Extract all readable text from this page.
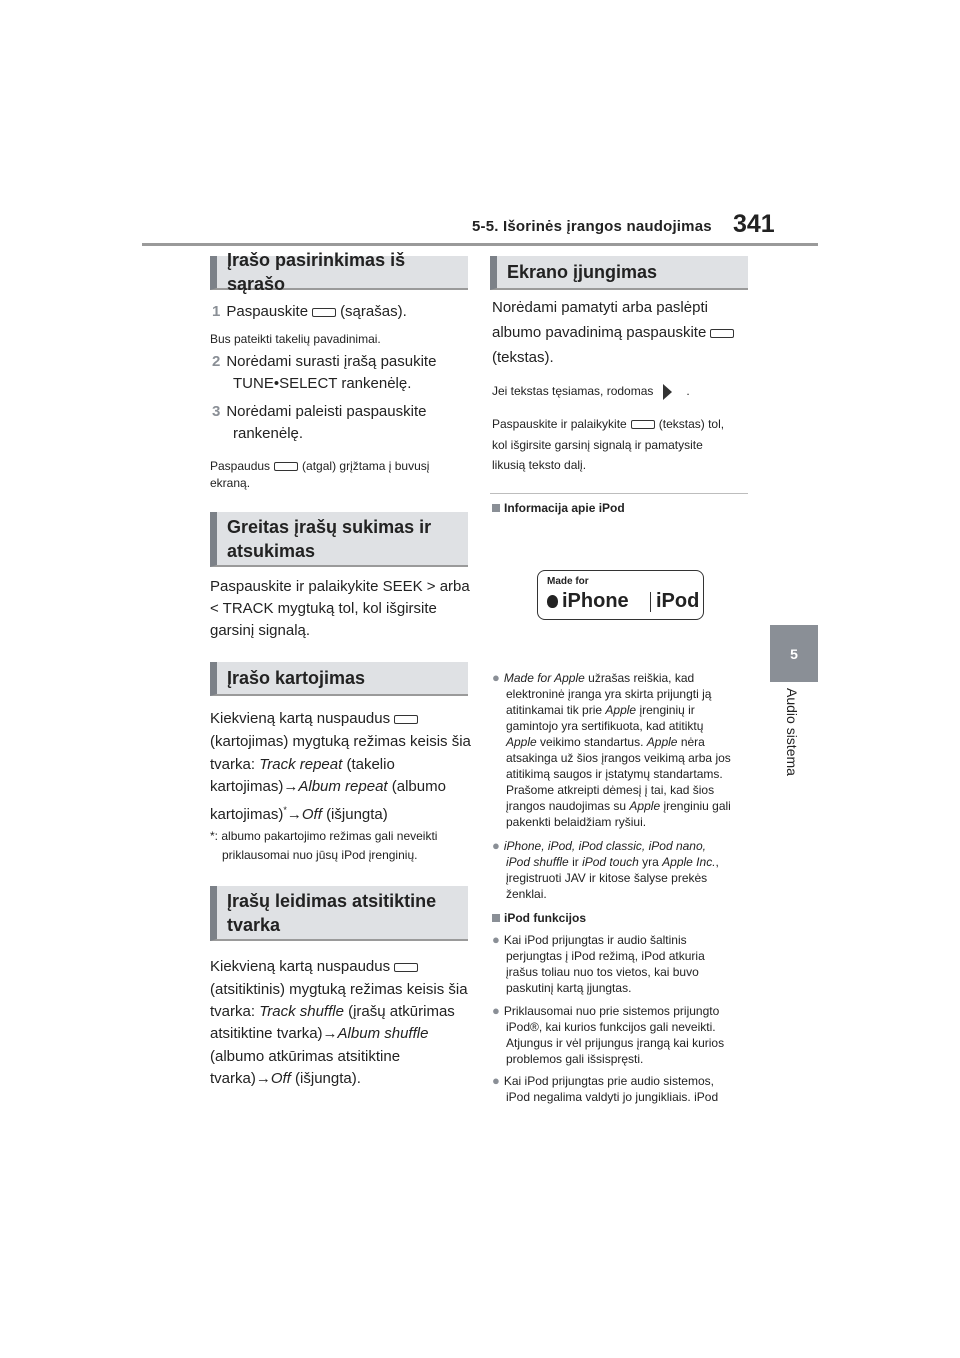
5-5. Išorinės įrangos naudojimas 341
5
Audio sistema
Įrašo pasirinkimas iš sąrašo
1 Paspauskite (sąrašas).
Bus pateikti takelių pavadinimai.
2 Norėdami surasti įrašą pasukite
TUNE•SELECT rankenėlę.
3 Norėdami paleisti paspauskite
rankenėlę.
Paspaudus	(atgal) grįžtama į buvusį
ekraną.
Greitas įrašų sukimas ir
atsukimas
Paspauskite ir palaikykite SEEK > arba
< TRACK mygtuką tol, kol išgirsite
garsinį signalą.
Įrašo kartojimas
Kiekvieną kartą nuspaudus
(kartojimas) mygtuką režimas keisis šia
tvarka: Track repeat (takelio
kartojimas)→Album repeat (albumo
kartojimas)*→Off (išjungta)
*: albumo pakartojimo režimas gali neveikti
priklausomai nuo jūsų iPod įrenginių.
Įrašų leidimas atsitiktine
tvarka
Kiekvieną kartą nuspaudus
(atsitiktinis) mygtuką režimas keisis šia
tvarka: Track shuffle (įrašų atkūrimas
atsitiktine tvarka)→Album shuffle
(albumo atkūrimas atsitiktine
tvarka)→Off (išjungta).
Ekrano įjungimas
Norėdami pamatyti arba paslėpti
albumo pavadinimą paspauskite
(tekstas).
Jei tekstas tęsiamas, rodomas	.
Paspauskite ir palaikykite	(tekstas) tol,
kol išgirsite garsinį signalą ir pamatysite
likusią teksto dalį.
Informacija apie iPod
Made for
iPhone iPod
● Made for Apple užrašas reiškia, kad
elektroninė įranga yra skirta prijungti ją
atitinkamai tik prie Apple įrenginių ir
gamintojo yra sertifikuota, kad atitiktų
Apple veikimo standartus. Apple nėra
atsakinga už šios įrangos veikimą arba jos
atitikimą saugos ir įstatymų standartams.
Prašome atkreipti dėmesį į tai, kad šios
įrangos naudojimas su Apple įrenginiu gali
pakenkti belaidžiam ryšiui.
● iPhone, iPod, iPod classic, iPod nano,
iPod shuffle ir iPod touch yra Apple Inc.,
įregistruoti JAV ir kitose šalyse prekės
ženklai.
iPod funkcijos
● Kai iPod prijungtas ir audio šaltinis
perjungtas į iPod režimą, iPod atkuria
įrašus toliau nuo tos vietos, kai buvo
paskutinį kartą įjungtas.
● Priklausomai nuo prie sistemos prijungto
iPod®, kai kurios funkcijos gali neveikti.
Atjungus ir vėl prijungus įrangą kai kurios
problemos gali išsispręsti.
● Kai iPod prijungtas prie audio sistemos,
iPod negalima valdyti jo jungikliais. iPod
